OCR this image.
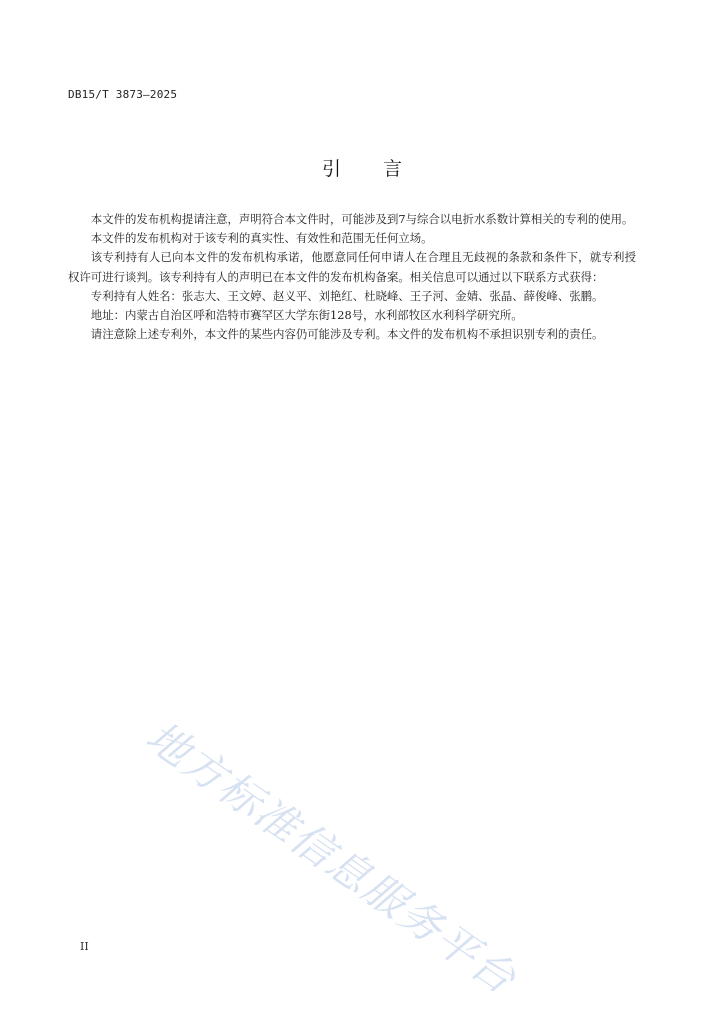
DB15/T 3873—2025
引 言

本文件的发布机构提请注意，声明符合本文件时，可能涉及到7与综合以电折水系数计算相关的专利的使用。

本文件的发布机构对于该专利的真实性、有效性和范围无任何立场。

该专利持有人已向本文件的发布机构承诺，他愿意同任何申请人在合理且无歧视的条款和条件下，就专利授权许可进行谈判。该专利持有人的声明已在本文件的发布机构备案。相关信息可以通过以下联系方式获得：

专利持有人姓名：张志大、王文婷、赵义平、刘艳红、杜晓峰、王子河、金婧、张晶、薛俊峰、张鹏。

地址：内蒙古自治区呼和浩特市赛罕区大学东街128号，水利部牧区水利科学研究所。

请注意除上述专利外，本文件的某些内容仍可能涉及专利。本文件的发布机构不承担识别专利的责任。

地方标准信息服务平台
II
